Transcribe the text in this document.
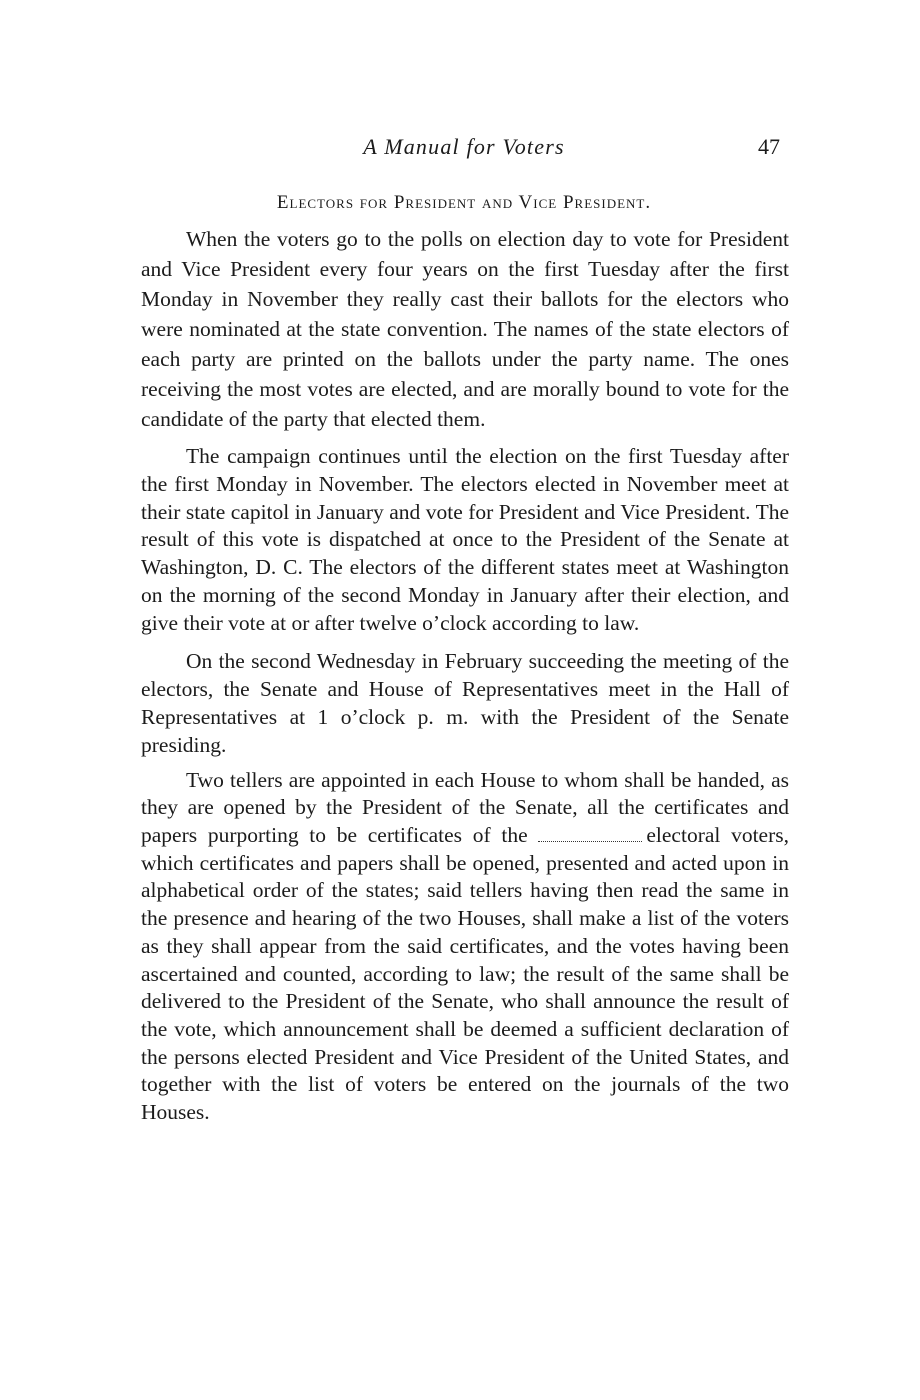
A Manual for Voters	47
Electors for President and Vice President.

When the voters go to the polls on election day to vote for President and Vice President every four years on the first Tuesday after the first Monday in November they really cast their ballots for the electors who were nominated at the state convention. The names of the state electors of each party are printed on the ballots under the party name. The ones receiving the most votes are elected, and are morally bound to vote for the candidate of the party that elected them.

The campaign continues until the election on the first Tuesday after the first Monday in November. The electors elected in November meet at their state capitol in January and vote for President and Vice President. The result of this vote is dispatched at once to the President of the Senate at Washington, D. C. The electors of the different states meet at Washington on the morning of the second Monday in January after their election, and give their vote at or after twelve o’clock according to law.

On the second Wednesday in February succeeding the meeting of the electors, the Senate and House of Representatives meet in the Hall of Representatives at 1 o’clock p. m. with the President of the Senate presiding.

Two tellers are appointed in each House to whom shall be handed, as they are opened by the President of the Senate, all the certificates and papers purporting to be certificates of the	electoral voters, which certificates and papers shall be opened, presented and acted upon in alphabetical order of the states; said tellers having then read the same in the presence and hearing of the two Houses, shall make a list of the voters as they shall appear from the said certificates, and the votes having been ascertained and counted, according to law; the result of the same shall be delivered to the President of the Senate, who shall announce the result of the vote, which announcement shall be deemed a sufficient declaration of the persons elected President and Vice President of the United States, and together with the list of voters be entered on the journals of the two Houses.
